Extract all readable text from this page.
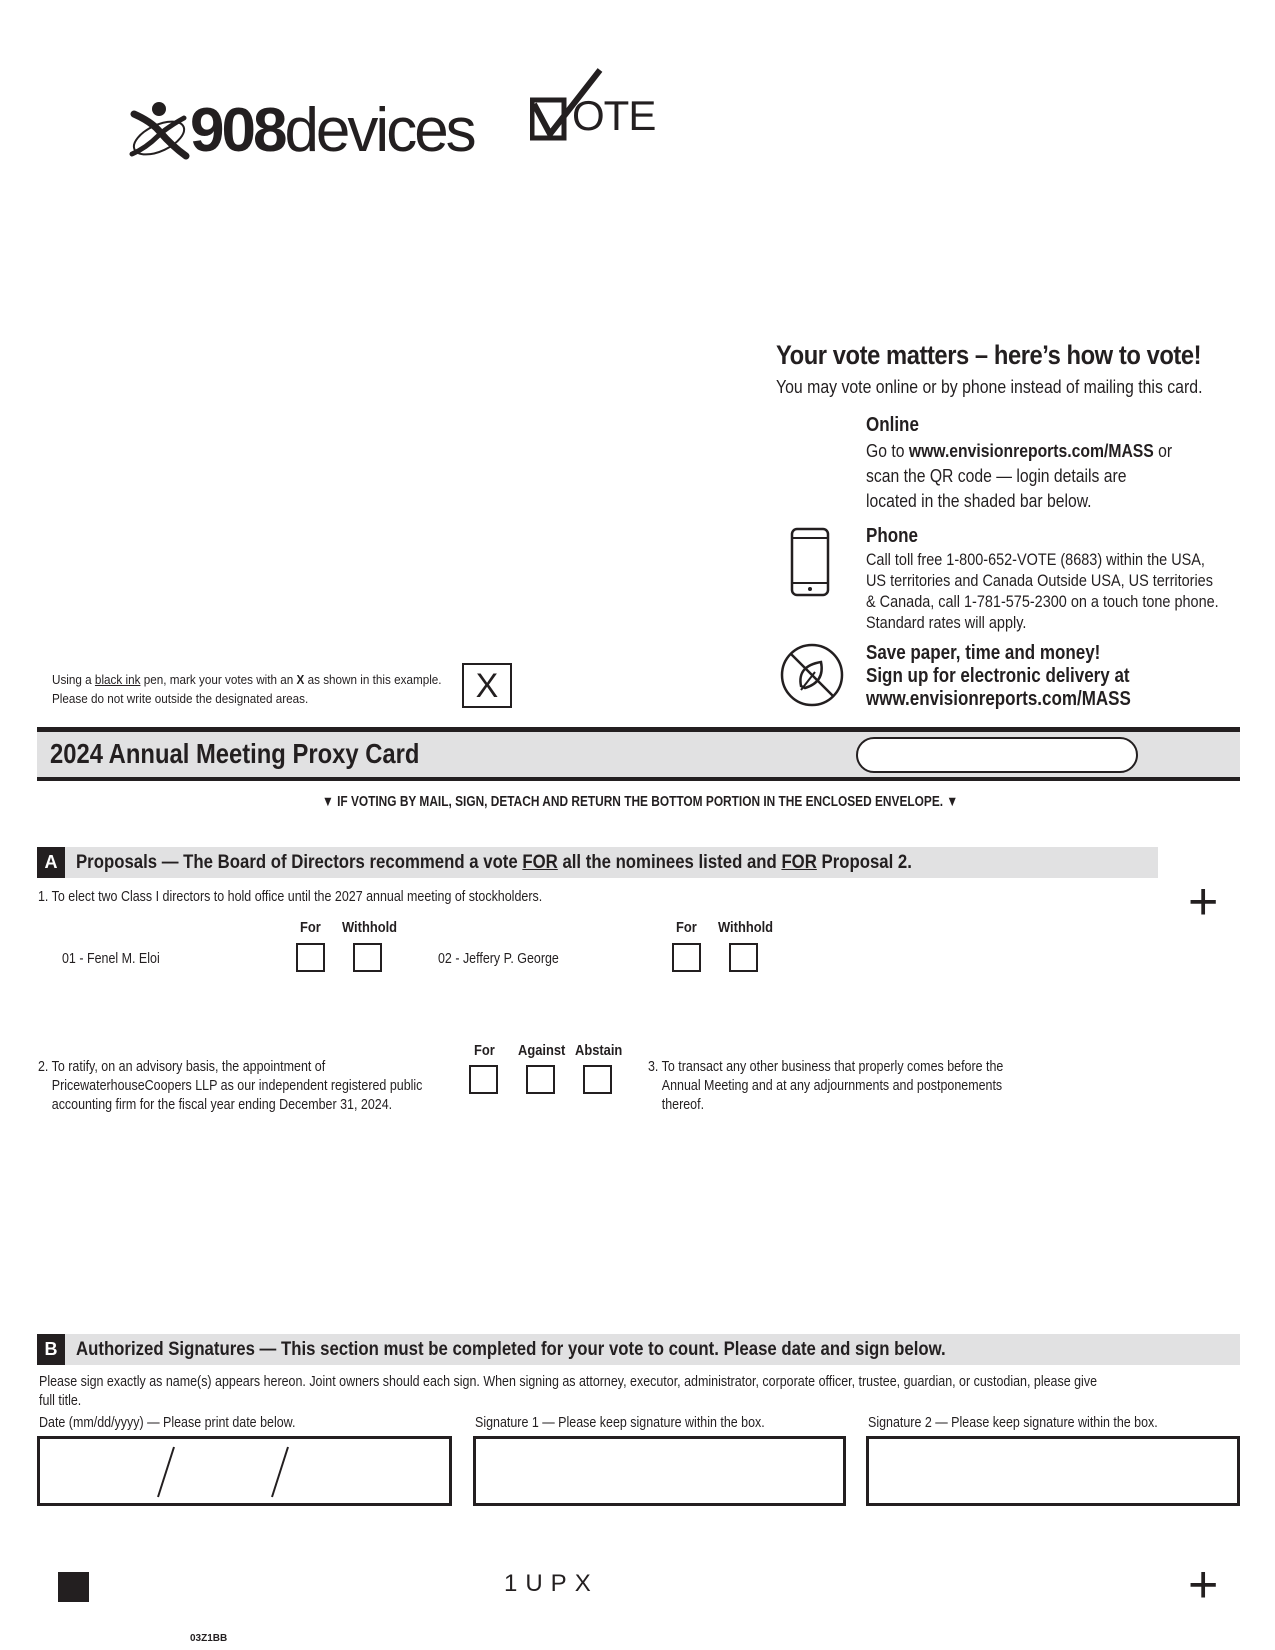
908devices OTE
Your vote matters – here’s how to vote!
You may vote online or by phone instead of mailing this card.
Online
Go to www.envisionreports.com/MASS or
scan the QR code — login details are
located in the shaded bar below.
Phone
Call toll free 1-800-652-VOTE (8683) within the USA,
US territories and Canada Outside USA, US territories
& Canada, call 1-781-575-2300 on a touch tone phone.
Standard rates will apply.
Save paper, time and money!
Sign up for electronic delivery at
www.envisionreports.com/MASS
Using a black ink pen, mark your votes with an X as shown in this example.
Please do not write outside the designated areas.	X
2024 Annual Meeting Proxy Card
▼ IF VOTING BY MAIL, SIGN, DETACH AND RETURN THE BOTTOM PORTION IN THE ENCLOSED ENVELOPE. ▼
A Proposals — The Board of Directors recommend a vote FOR all the nominees listed and FOR Proposal 2.
+
1. To elect two Class I directors to hold office until the 2027 annual meeting of stockholders.
For Withhold
01 - Fenel M. Eloi
For Withhold
02 - Jeffery P. George
2. To ratify, on an advisory basis, the appointment of
PricewaterhouseCoopers LLP as our independent registered public
accounting firm for the fiscal year ending December 31, 2024.
For Against Abstain
3. To transact any other business that properly comes before the
Annual Meeting and at any adjournments and postponements
thereof.
B Authorized Signatures — This section must be completed for your vote to count. Please date and sign below.
Please sign exactly as name(s) appears hereon. Joint owners should each sign. When signing as attorney, executor, administrator, corporate officer, trustee, guardian, or custodian, please give
full title.
Date (mm/dd/yyyy) — Please print date below.	Signature 1 — Please keep signature within the box.	Signature 2 — Please keep signature within the box.
1UPX	+
03Z1BB
